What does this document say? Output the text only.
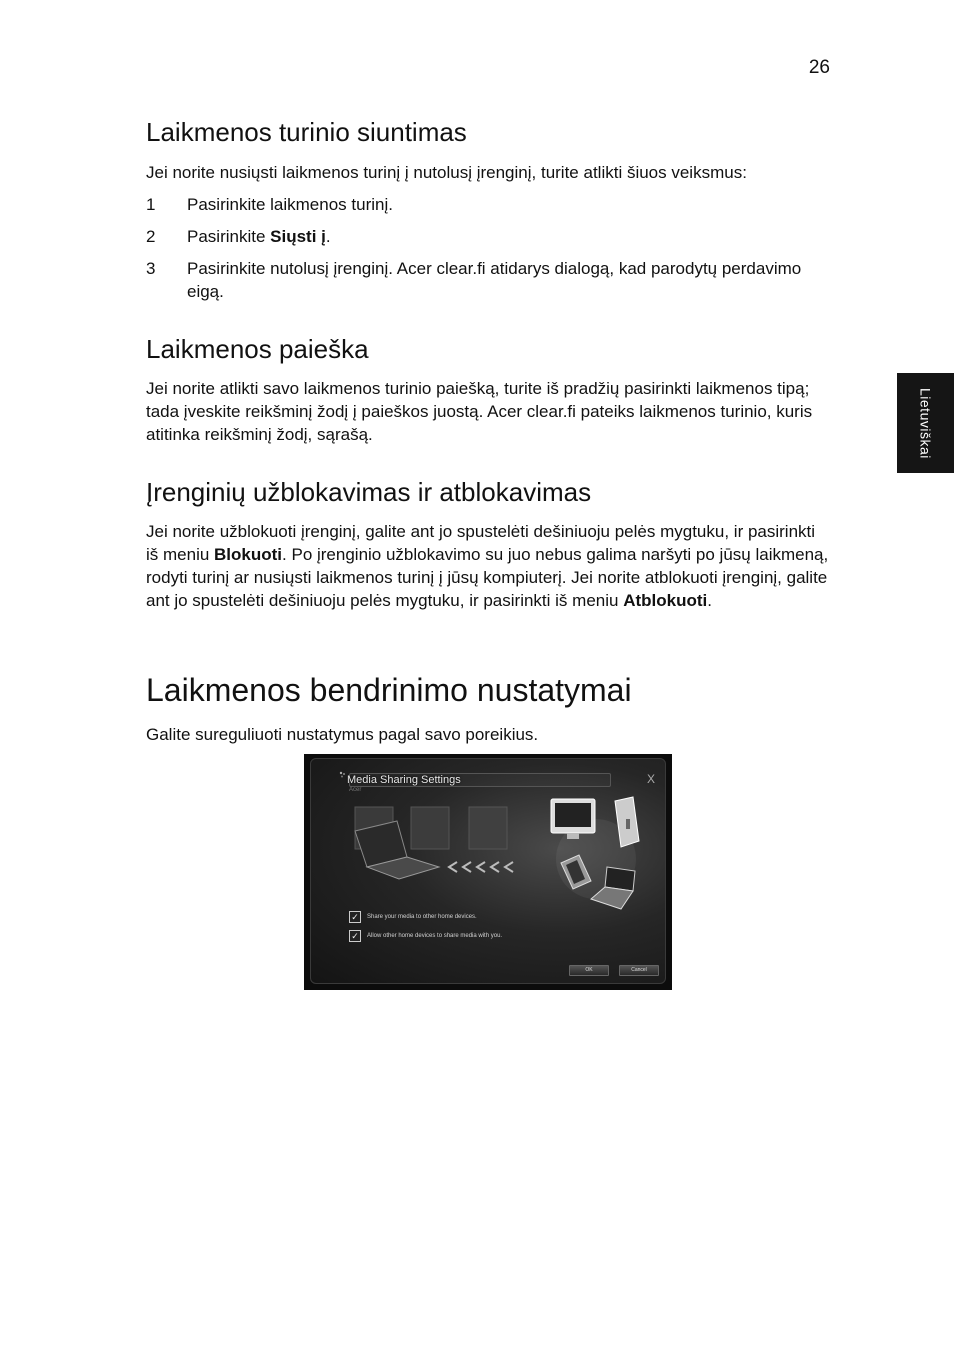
26
Lietuviškai
Laikmenos turinio siuntimas

Jei norite nusiųsti laikmenos turinį į nutolusį įrenginį, turite atlikti šiuos veiksmus:

1	Pasirinkite laikmenos turinį.
2	Pasirinkite Siųsti į.
3	Pasirinkite nutolusį įrenginį. Acer clear.fi atidarys dialogą, kad parodytų perdavimo eigą.
Laikmenos paieška

Jei norite atlikti savo laikmenos turinio paiešką, turite iš pradžių pasirinkti laikmenos tipą; tada įveskite reikšminį žodį į paieškos juostą. Acer clear.fi pateiks laikmenos turinio, kuris atitinka reikšminį žodį, sąrašą.

Įrenginių užblokavimas ir atblokavimas

Jei norite užblokuoti įrenginį, galite ant jo spustelėti dešiniuoju pelės mygtuku, ir pasirinkti iš meniu Blokuoti. Po įrenginio užblokavimo su juo nebus galima naršyti po jūsų laikmeną, rodyti turinį ar nusiųsti laikmenos turinį į jūsų kompiuterį. Jei norite atblokuoti įrenginį, galite ant jo spustelėti dešiniuoju pelės mygtuku, ir pasirinkti iš meniu Atblokuoti.

Laikmenos bendrinimo nustatymai

Galite sureguliuoti nustatymus pagal savo poreikius.

Media Sharing Settings
Acer
X
✓	Share your media to other home devices.
✓	Allow other home devices to share media with you.
OK	Cancel
